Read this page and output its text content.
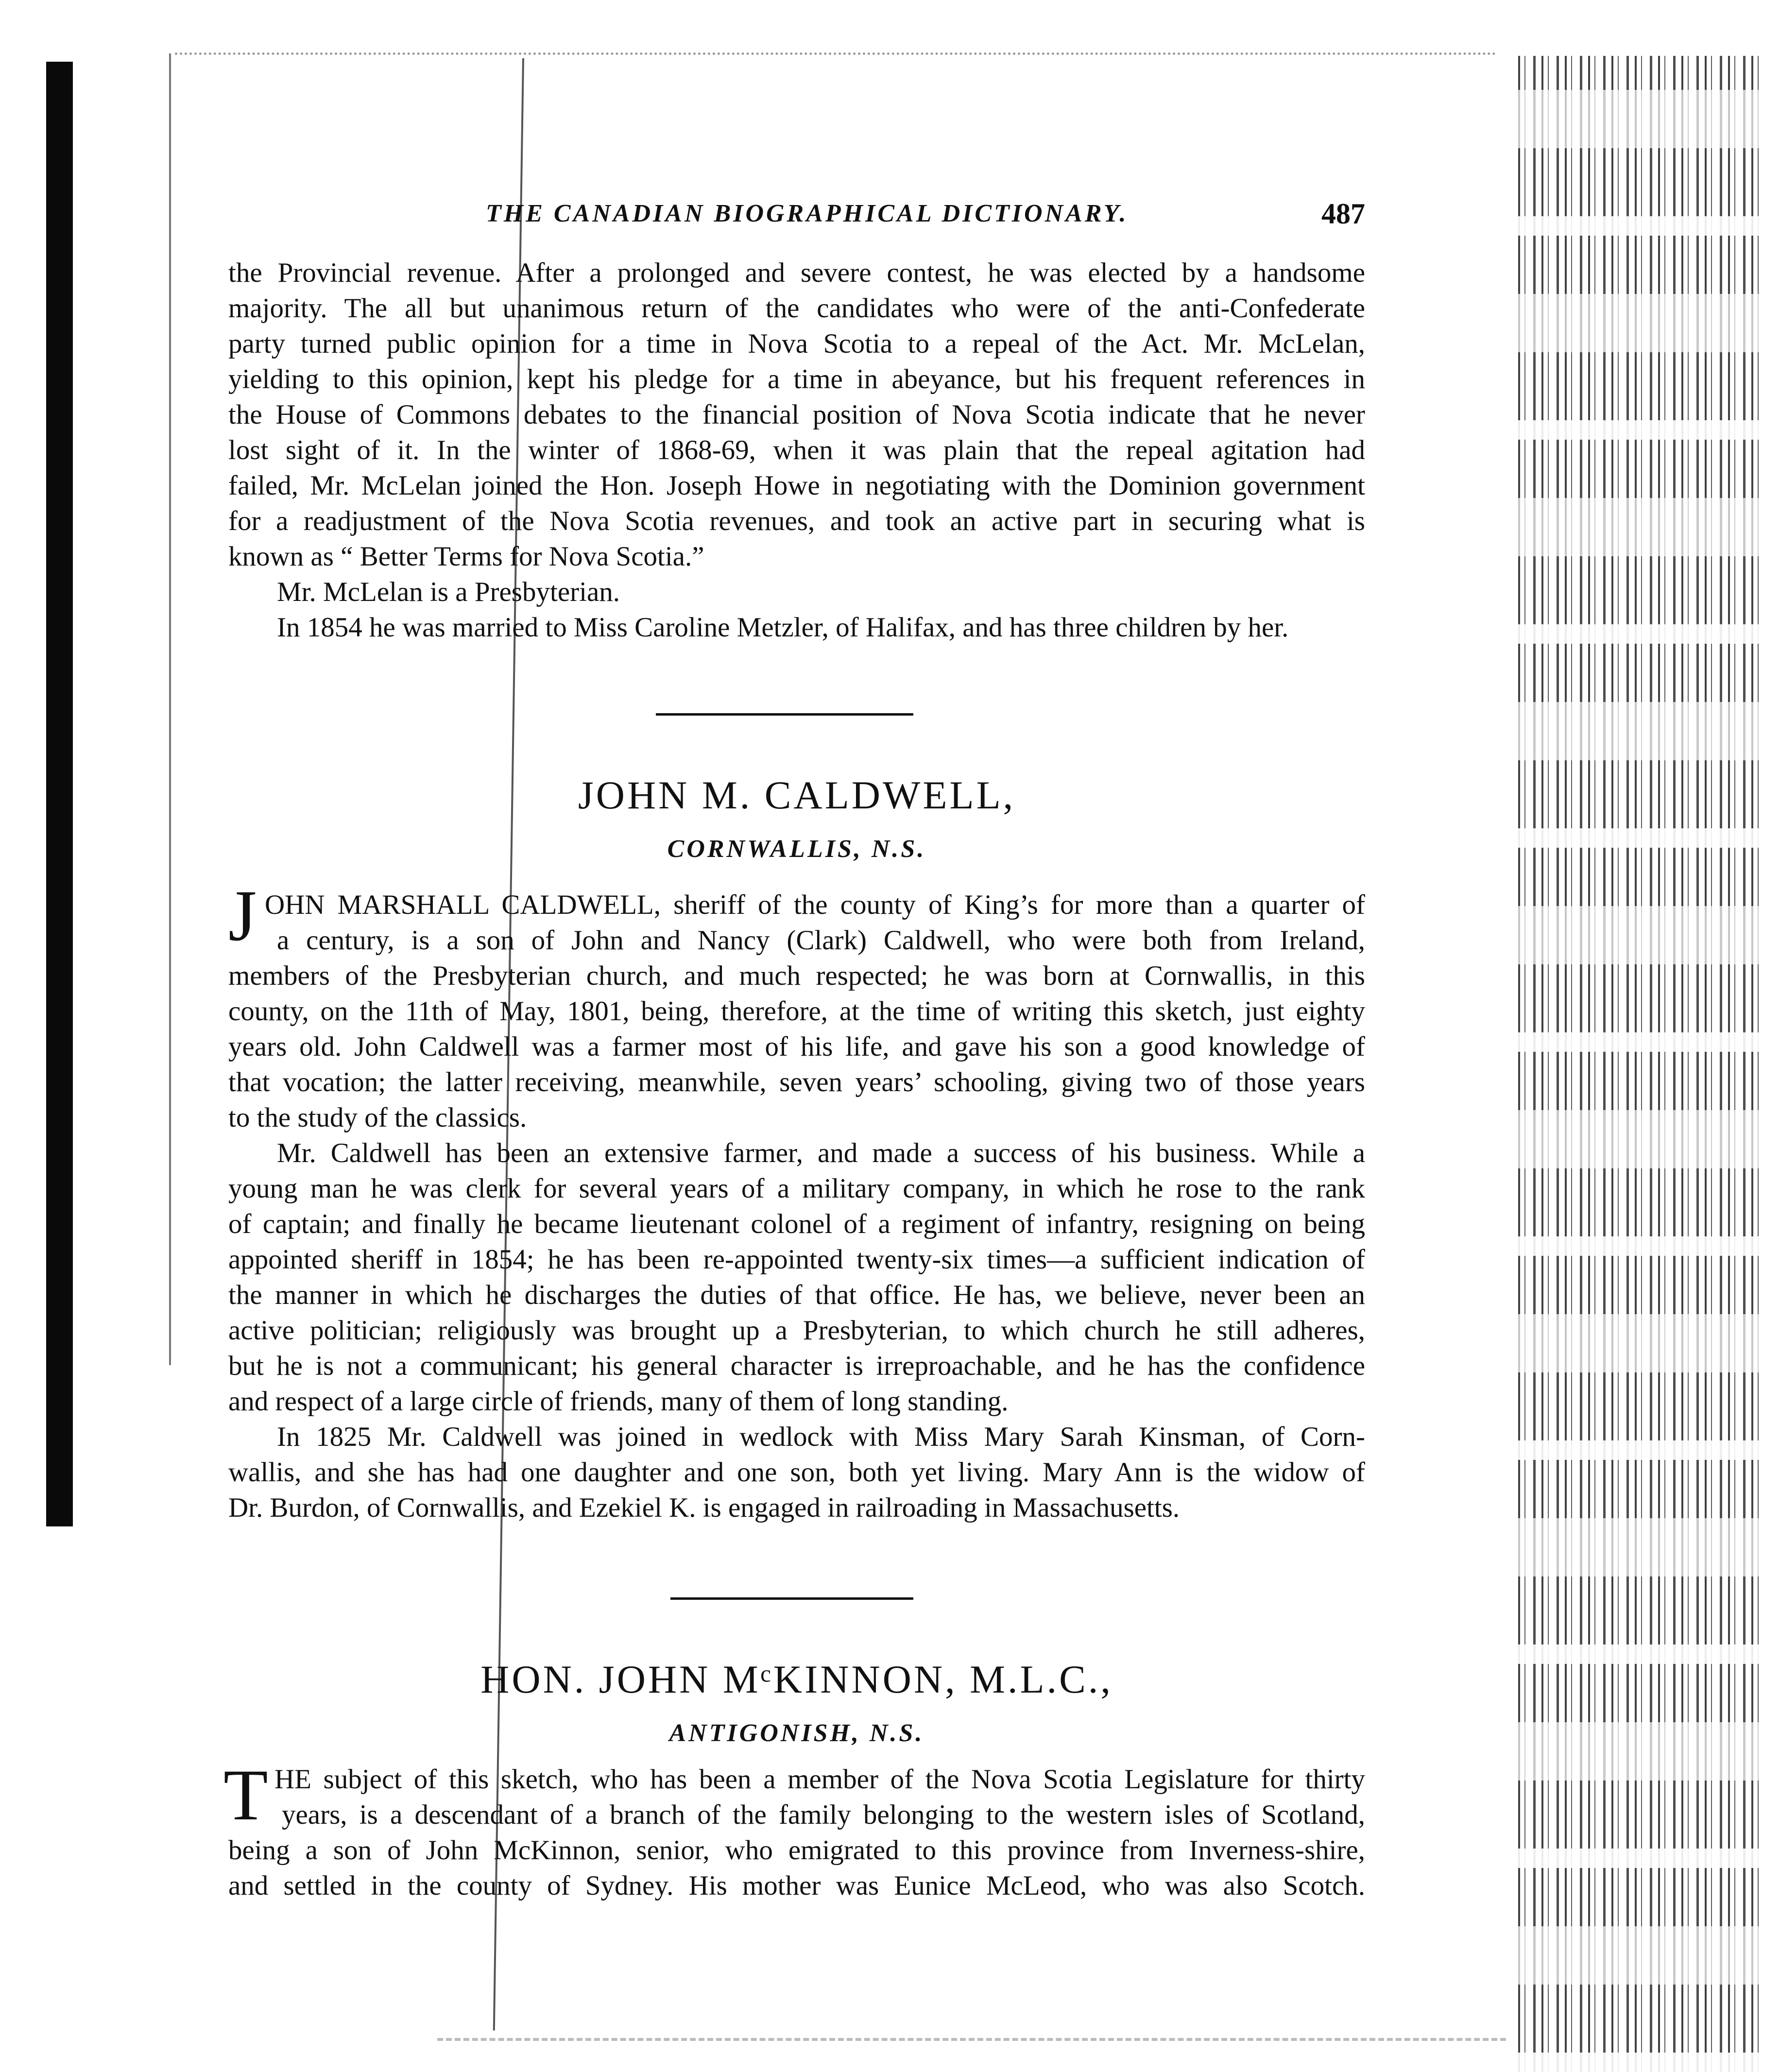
THE CANADIAN BIOGRAPHICAL DICTIONARY.	487

the Provincial revenue. After a prolonged and severe contest, he was elected by a handsome

majority. The all but unanimous return of the candidates who were of the anti-Confederate

party turned public opinion for a time in Nova Scotia to a repeal of the Act. Mr. McLelan,

yielding to this opinion, kept his pledge for a time in abeyance, but his frequent references in

the House of Commons debates to the financial position of Nova Scotia indicate that he never

lost sight of it. In the winter of 1868-69, when it was plain that the repeal agitation had

failed, Mr. McLelan joined the Hon. Joseph Howe in negotiating with the Dominion government

for a readjustment of the Nova Scotia revenues, and took an active part in securing what is

known as “ Better Terms for Nova Scotia.”

Mr. McLelan is a Presbyterian.

In 1854 he was married to Miss Caroline Metzler, of Halifax, and has three children by her.

JOHN M. CALDWELL,

CORNWALLIS, N.S.

J OHN MARSHALL CALDWELL, sheriff of the county of King’s for more than a quarter of

a century, is a son of John and Nancy (Clark) Caldwell, who were both from Ireland,

members of the Presbyterian church, and much respected; he was born at Cornwallis, in this

county, on the 11th of May, 1801, being, therefore, at the time of writing this sketch, just eighty

years old. John Caldwell was a farmer most of his life, and gave his son a good knowledge of

that vocation; the latter receiving, meanwhile, seven years’ schooling, giving two of those years

to the study of the classics.

Mr. Caldwell has been an extensive farmer, and made a success of his business. While a

young man he was clerk for several years of a military company, in which he rose to the rank

of captain; and finally he became lieutenant colonel of a regiment of infantry, resigning on being

appointed sheriff in 1854; he has been re-appointed twenty-six times—a sufficient indication of

the manner in which he discharges the duties of that office. He has, we believe, never been an

active politician; religiously was brought up a Presbyterian, to which church he still adheres,

but he is not a communicant; his general character is irreproachable, and he has the confidence

and respect of a large circle of friends, many of them of long standing.

In 1825 Mr. Caldwell was joined in wedlock with Miss Mary Sarah Kinsman, of Corn-

wallis, and she has had one daughter and one son, both yet living. Mary Ann is the widow of

Dr. Burdon, of Cornwallis, and Ezekiel K. is engaged in railroading in Massachusetts.

HON. JOHN MᶜKINNON, M.L.C.,

ANTIGONISH, N.S.

T HE subject of this sketch, who has been a member of the Nova Scotia Legislature for thirty

years, is a descendant of a branch of the family belonging to the western isles of Scotland,

being a son of John McKinnon, senior, who emigrated to this province from Inverness-shire,

and settled in the county of Sydney. His mother was Eunice McLeod, who was also Scotch.
